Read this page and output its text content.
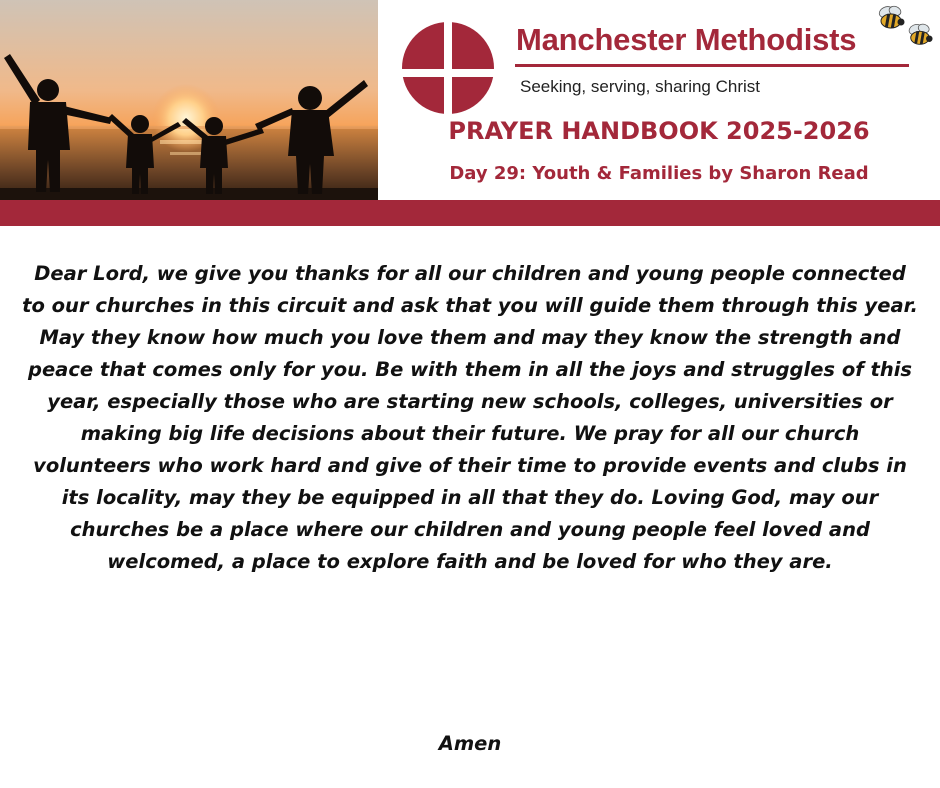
Manchester Methodists
Seeking, serving, sharing Christ
PRAYER HANDBOOK 2025-2026
Day 29: Youth & Families by Sharon Read

Dear Lord, we give you thanks for all our children and young people connected to our churches in this circuit and ask that you will guide them through this year. May they know how much you love them and may they know the strength and peace that comes only for you. Be with them in all the joys and struggles of this year, especially those who are starting new schools, colleges, universities or making big life decisions about their future. We pray for all our church volunteers who work hard and give of their time to provide events and clubs in its locality, may they be equipped in all that they do. Loving God, may our churches be a place where our children and young people feel loved and welcomed, a place to explore faith and be loved for who they are.

Amen
